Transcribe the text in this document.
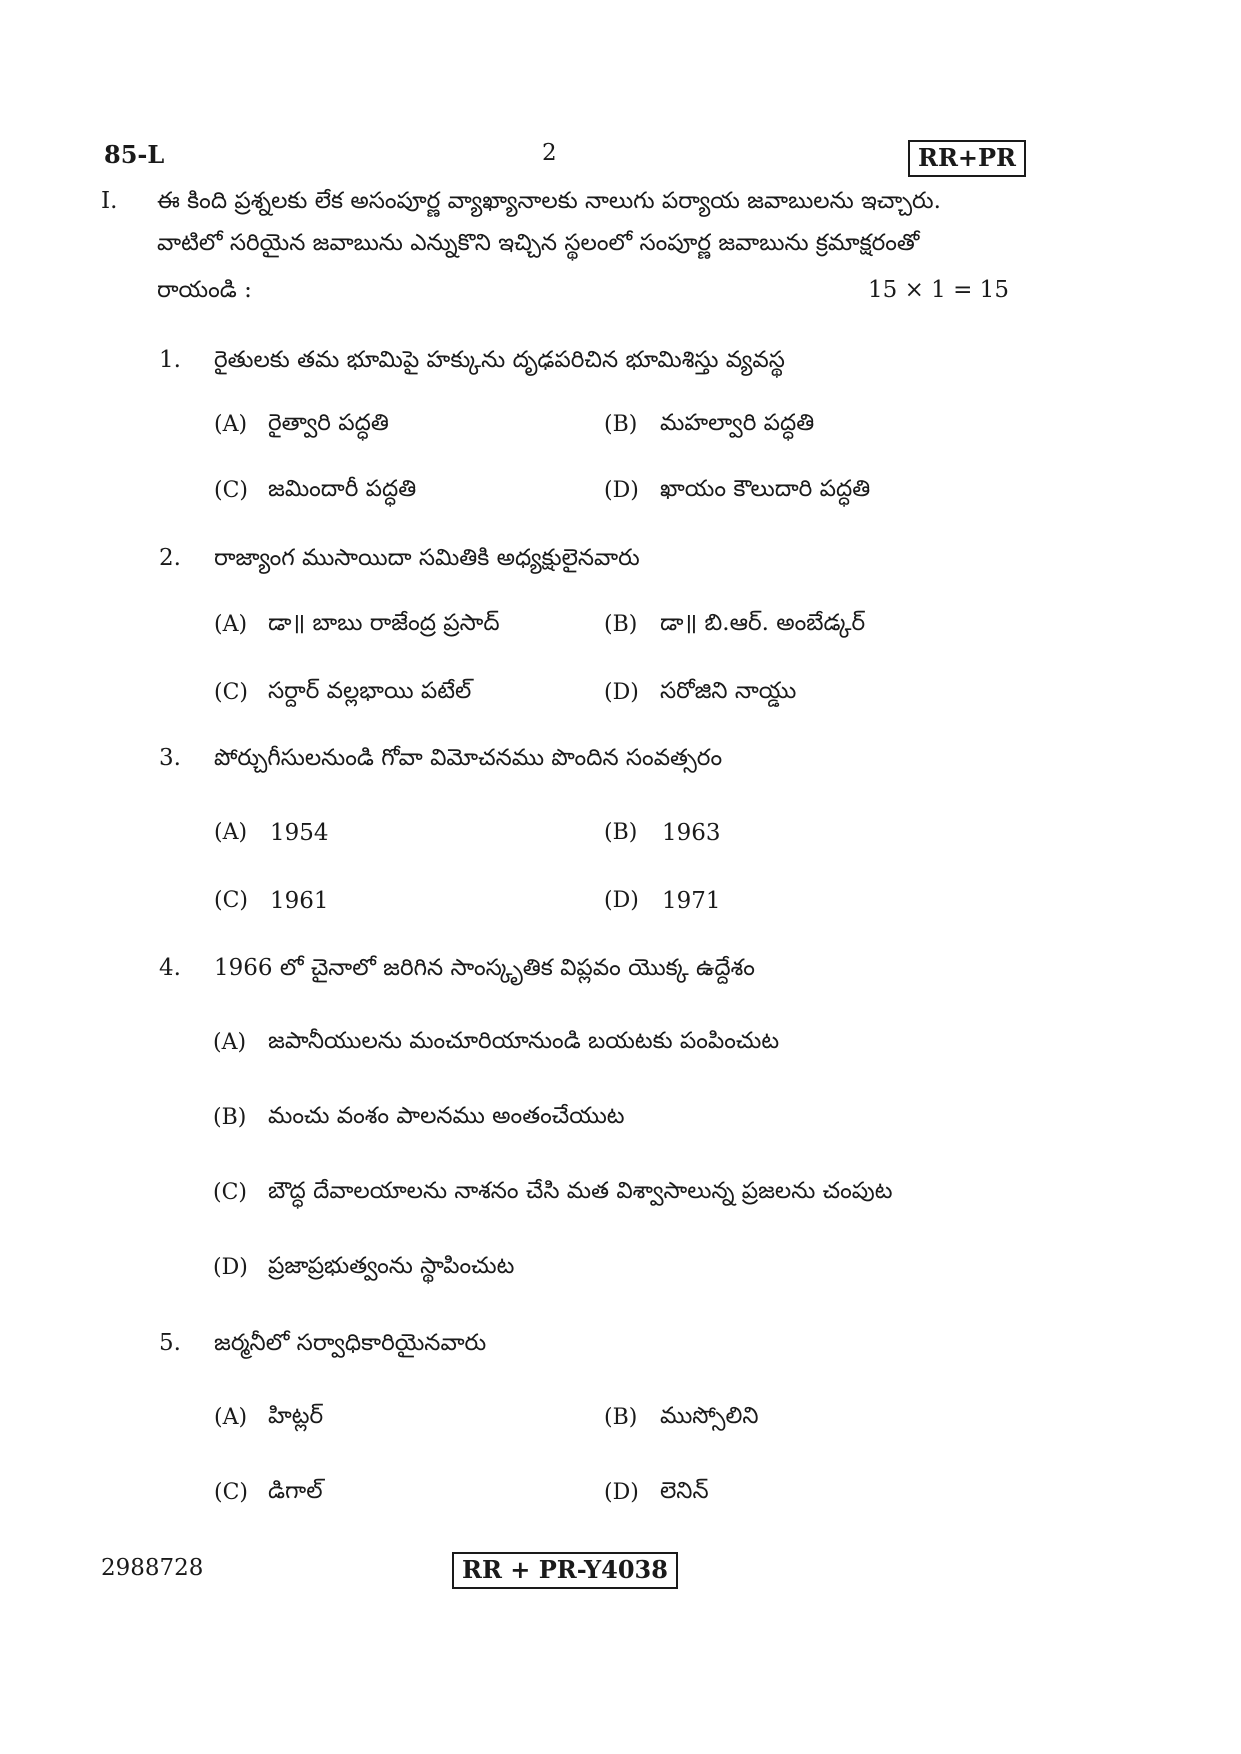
85-L	2	RR+PR
I. ఈ కింది ప్రశ్నలకు లేక అసంపూర్ణ వ్యాఖ్యానాలకు నాలుగు పర్యాయ జవాబులను ఇచ్చారు.
వాటిలో సరియైన జవాబును ఎన్నుకొని ఇచ్చిన స్థలంలో సంపూర్ణ జవాబును క్రమాక్షరంతో
రాయండి :	15 × 1 = 15
1. రైతులకు తమ భూమిపై హక్కును దృఢపరిచిన భూమిశిస్తు వ్యవస్థ
(A) రైత్వారి పద్ధతి	(B) మహల్వారి పద్ధతి
(C) జమిందారీ పద్ధతి	(D) ఖాయం కౌలుదారి పద్ధతి
2. రాజ్యాంగ ముసాయిదా సమితికి అధ్యక్షులైనవారు
(A) డా॥ బాబు రాజేంద్ర ప్రసాద్	(B) డా॥ బి.ఆర్. అంబేడ్కర్
(C) సర్దార్ వల్లభాయి పటేల్	(D) సరోజిని నాయ్డు
3. పోర్చుగీసులనుండి గోవా విమోచనము పొందిన సంవత్సరం
(A) 1954	(B) 1963
(C) 1961	(D) 1971
4. 1966 లో చైనాలో జరిగిన సాంస్కృతిక విప్లవం యొక్క ఉద్దేశం
(A) జపానీయులను మంచూరియానుండి బయటకు పంపించుట
(B) మంచు వంశం పాలనము అంతంచేయుట
(C) బౌద్ధ దేవాలయాలను నాశనం చేసి మత విశ్వాసాలున్న ప్రజలను చంపుట
(D) ప్రజాప్రభుత్వంను స్థాపించుట
5. జర్మనీలో సర్వాధికారియైనవారు
(A) హిట్లర్	(B) ముస్సోలిని
(C) డిగాల్	(D) లెనిన్
2988728	RR + PR-Y4038
